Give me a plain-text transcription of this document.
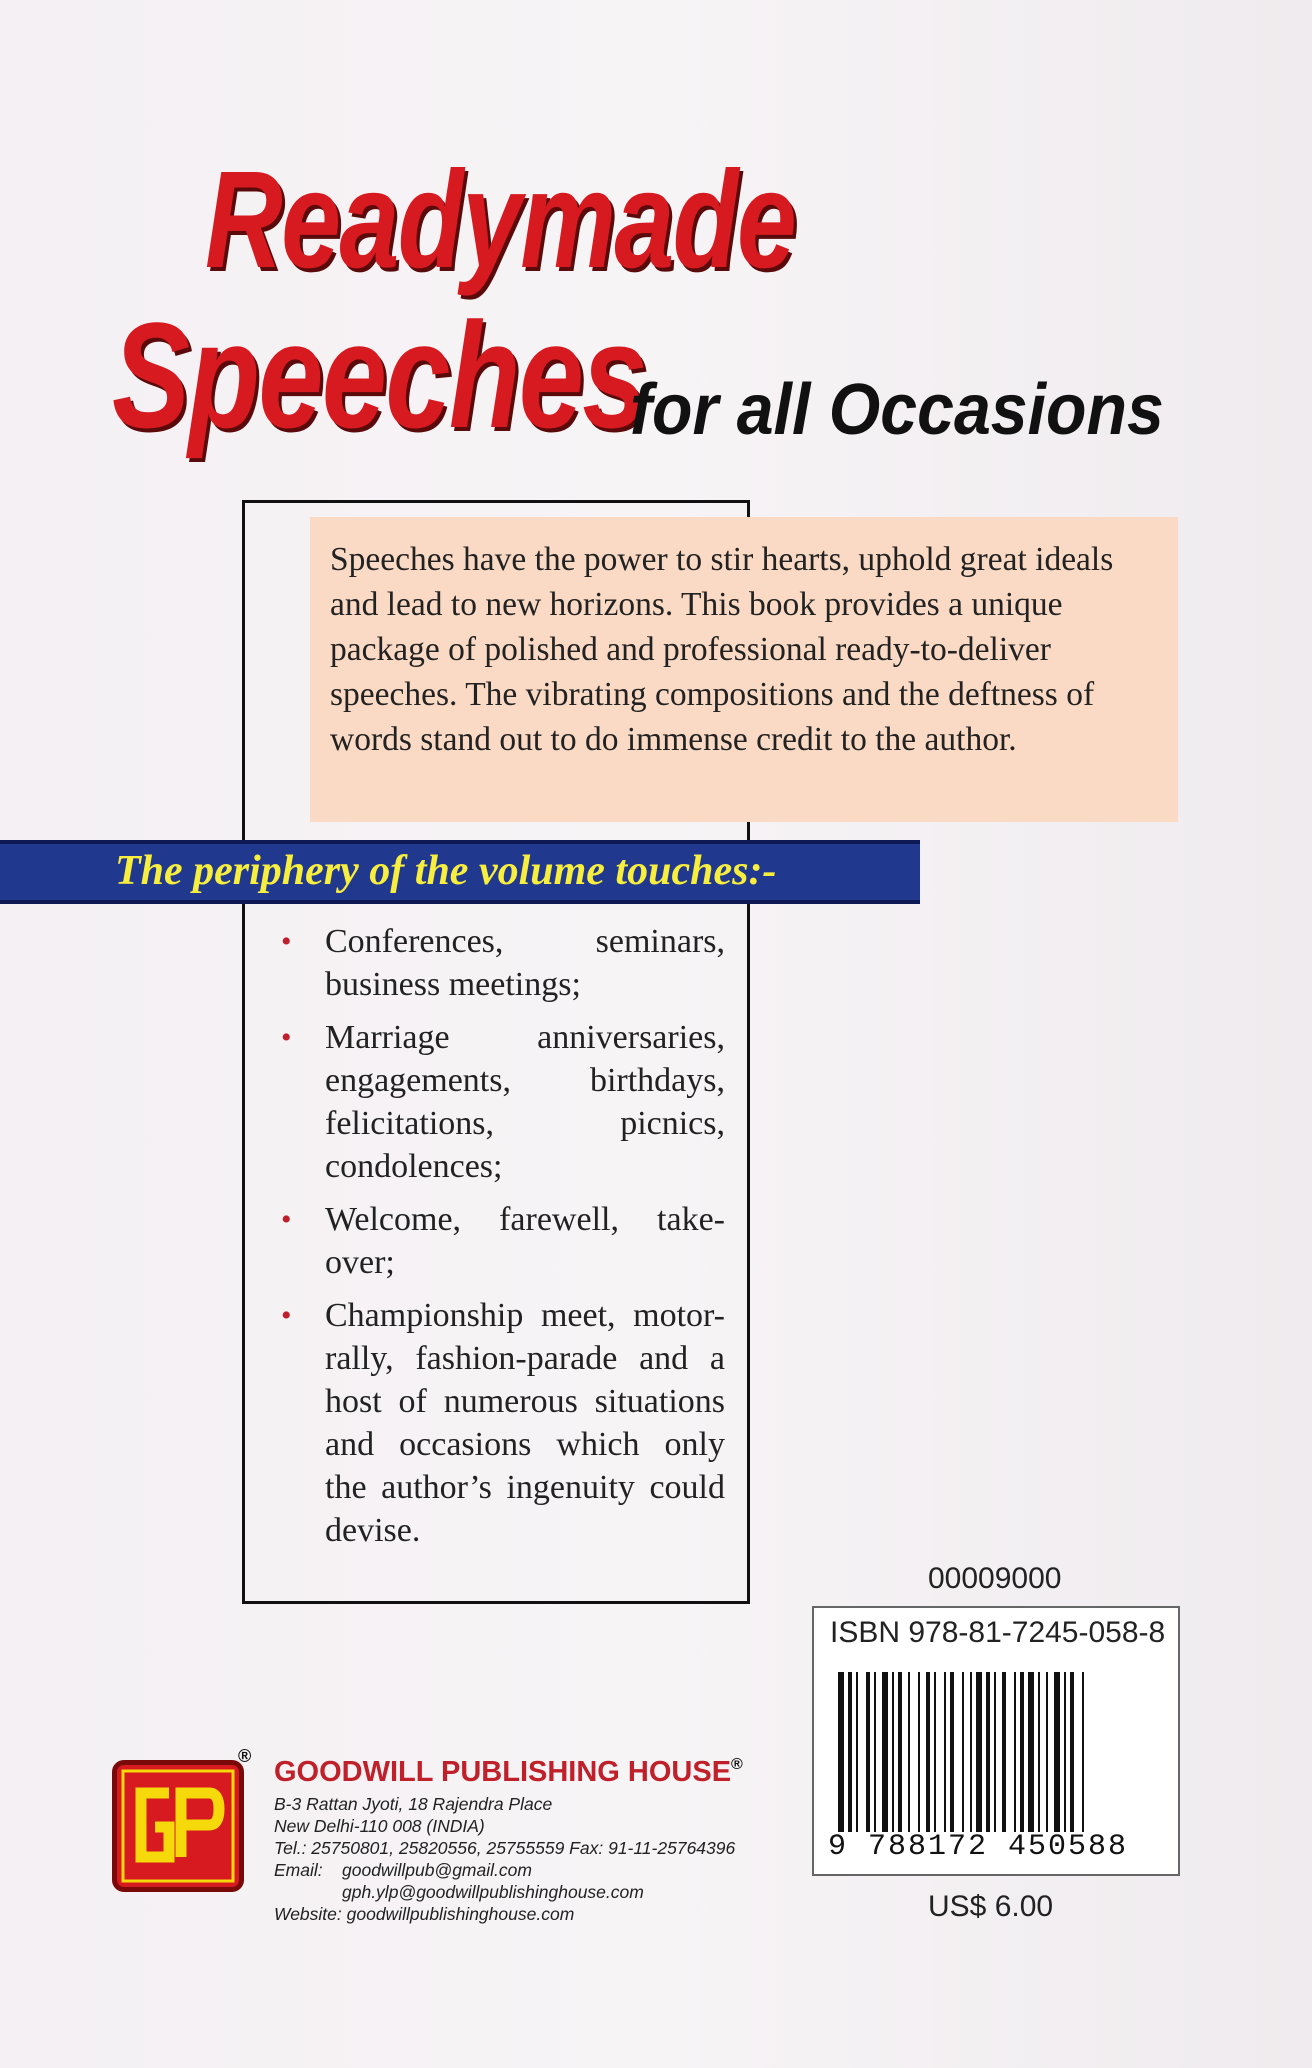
Readymade
Speeches
for all Occasions
Speeches have the power to stir hearts, uphold great ideals and lead to new horizons. This book provides a unique package of polished and professional ready-to-deliver speeches. The vibrating compositions and the deftness of words stand out to do immense credit to the author.
The periphery of the volume touches:-
• Conferences, seminars, business meetings;
• Marriage anniversaries, engagements, birthdays, felicitations, picnics, condolences;
• Welcome, farewell, take-over;
• Championship meet, motor-rally, fashion-parade and a host of numerous situations and occasions which only the author’s ingenuity could devise.
00009000
ISBN 978-81-7245-058-8
9 788172 450588
US$ 6.00
® GOODWILL PUBLISHING HOUSE®
B-3 Rattan Jyoti, 18 Rajendra Place
New Delhi-110 008 (INDIA)
Tel.: 25750801, 25820556, 25755559 Fax: 91-11-25764396
Email: goodwillpub@gmail.com
gph.ylp@goodwillpublishinghouse.com
Website: goodwillpublishinghouse.com
